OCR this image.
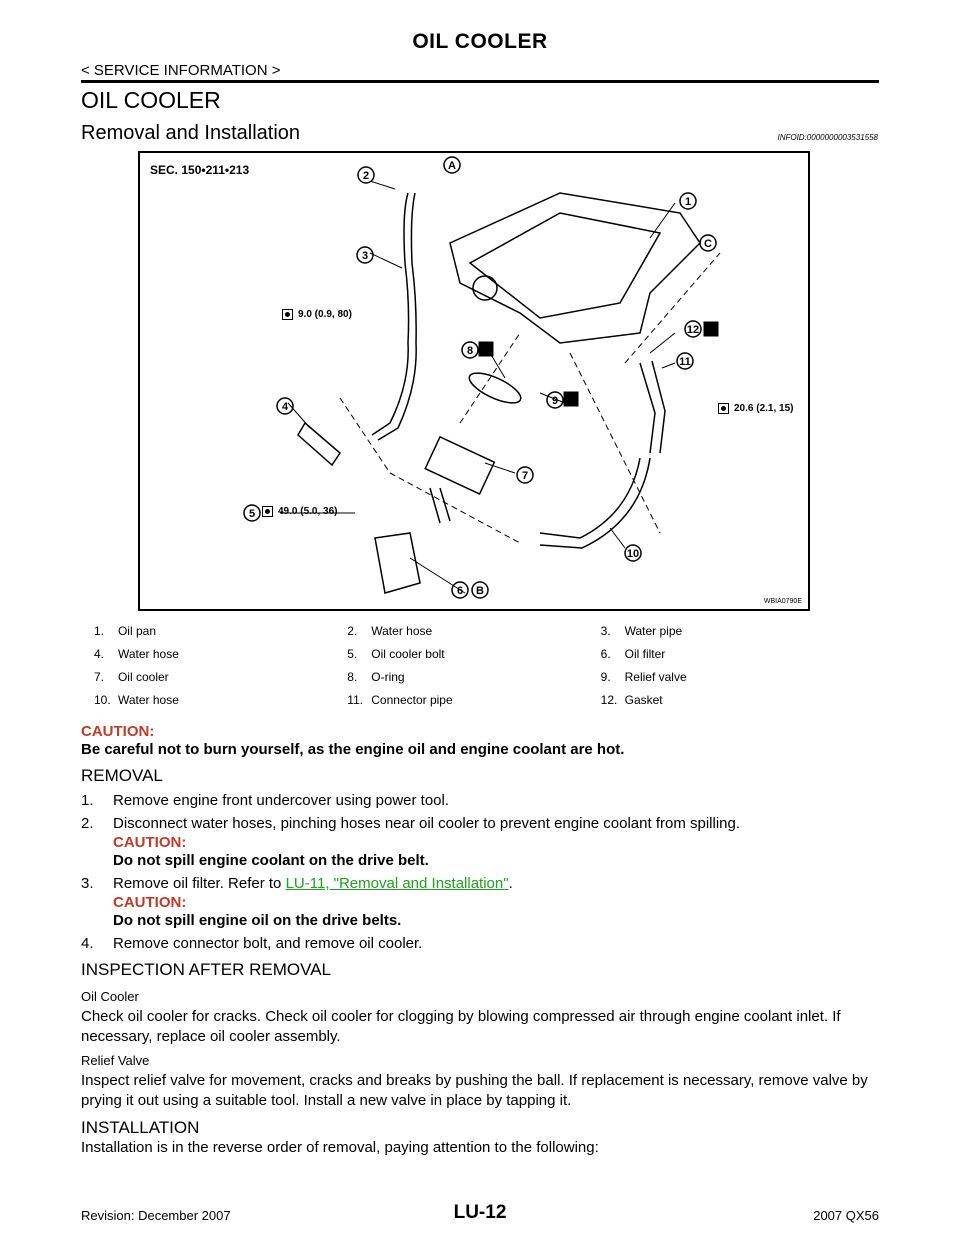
OIL COOLER
< SERVICE INFORMATION >
OIL COOLER
Removal and Installation	INFOID:0000000003531558
2
3
4
5
6
7
8
9
10
11
12
1
A
B
C
SEC. 150•211•213
9.0 (0.9, 80)
20.6 (2.1, 15)
49.0 (5.0, 36)
WBIA0790E
1.	Oil pan	2.	Water hose	3.	Water pipe
4.	Water hose	5.	Oil cooler bolt	6.	Oil filter
7.	Oil cooler	8.	O-ring	9.	Relief valve
10.	Water hose	11.	Connector pipe	12.	Gasket
CAUTION:
Be careful not to burn yourself, as the engine oil and engine coolant are hot.
REMOVAL
1. Remove engine front undercover using power tool.
2. Disconnect water hoses, pinching hoses near oil cooler to prevent engine coolant from spilling.
CAUTION:
Do not spill engine coolant on the drive belt.
3. Remove oil filter. Refer to LU-11, "Removal and Installation".
CAUTION:
Do not spill engine oil on the drive belts.
4. Remove connector bolt, and remove oil cooler.
INSPECTION AFTER REMOVAL
Oil Cooler
Check oil cooler for cracks. Check oil cooler for clogging by blowing compressed air through engine coolant inlet. If necessary, replace oil cooler assembly.
Relief Valve
Inspect relief valve for movement, cracks and breaks by pushing the ball. If replacement is necessary, remove valve by prying it out using a suitable tool. Install a new valve in place by tapping it.
INSTALLATION
Installation is in the reverse order of removal, paying attention to the following:
LU-12
Revision: December 2007	2007 QX56
